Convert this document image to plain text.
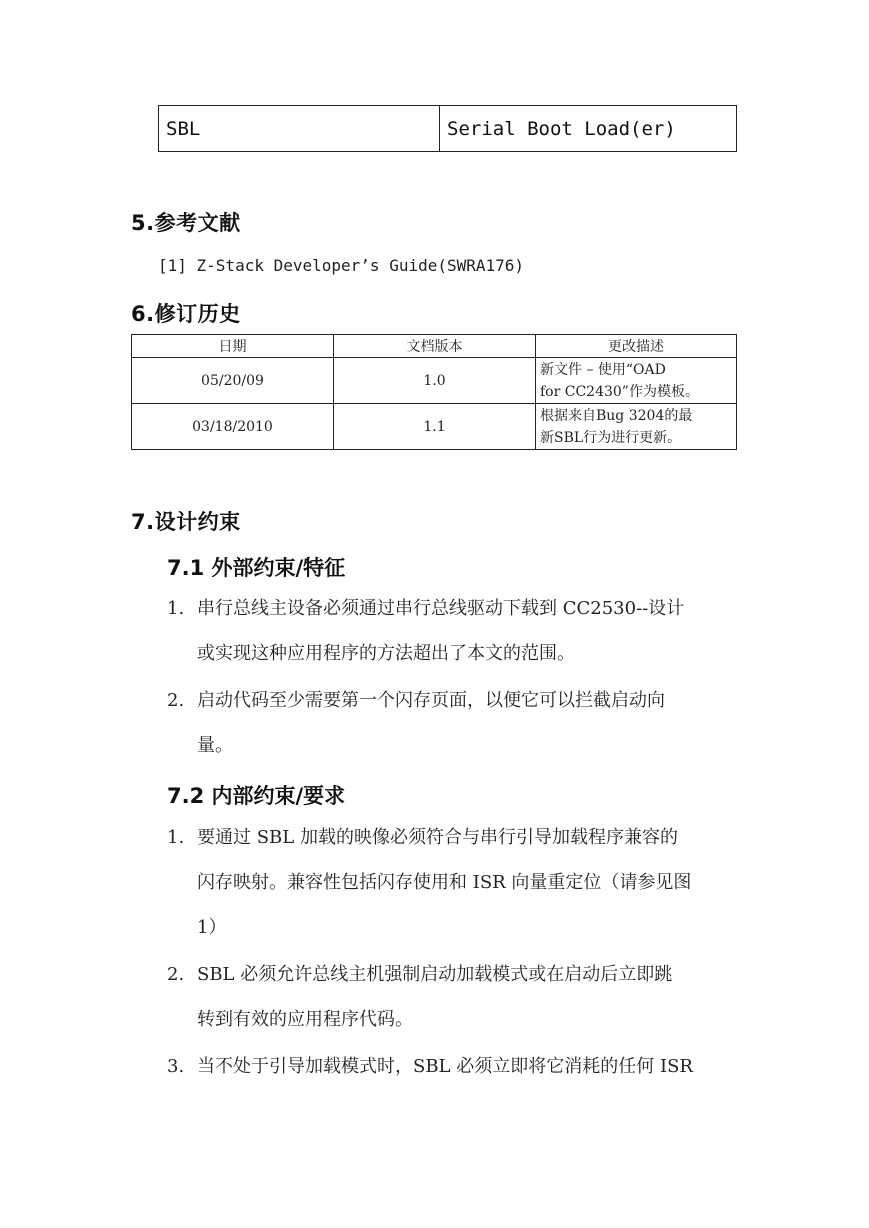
SBL	Serial Boot Load(er)
5.参考文献
[1] Z-Stack Developer’s Guide(SWRA176)
6.修订历史
日期	文档版本	更改描述
05/20/09	1.0	新文件 – 使用“OAD
for CC2430”作为模板。

03/18/2010	1.1	根据来自Bug 3204的最
新SBL行为进行更新。
7.设计约束
7.1 外部约束/特征
1. 串行总线主设备必须通过串行总线驱动下载到 CC2530--设计
或实现这种应用程序的方法超出了本文的范围。
2. 启动代码至少需要第一个闪存页面，以便它可以拦截启动向
量。
7.2 内部约束/要求
1. 要通过 SBL 加载的映像必须符合与串行引导加载程序兼容的
闪存映射。兼容性包括闪存使用和 ISR 向量重定位（请参见图
1）
2. SBL 必须允许总线主机强制启动加载模式或在启动后立即跳
转到有效的应用程序代码。
3. 当不处于引导加载模式时，SBL 必须立即将它消耗的任何 ISR
